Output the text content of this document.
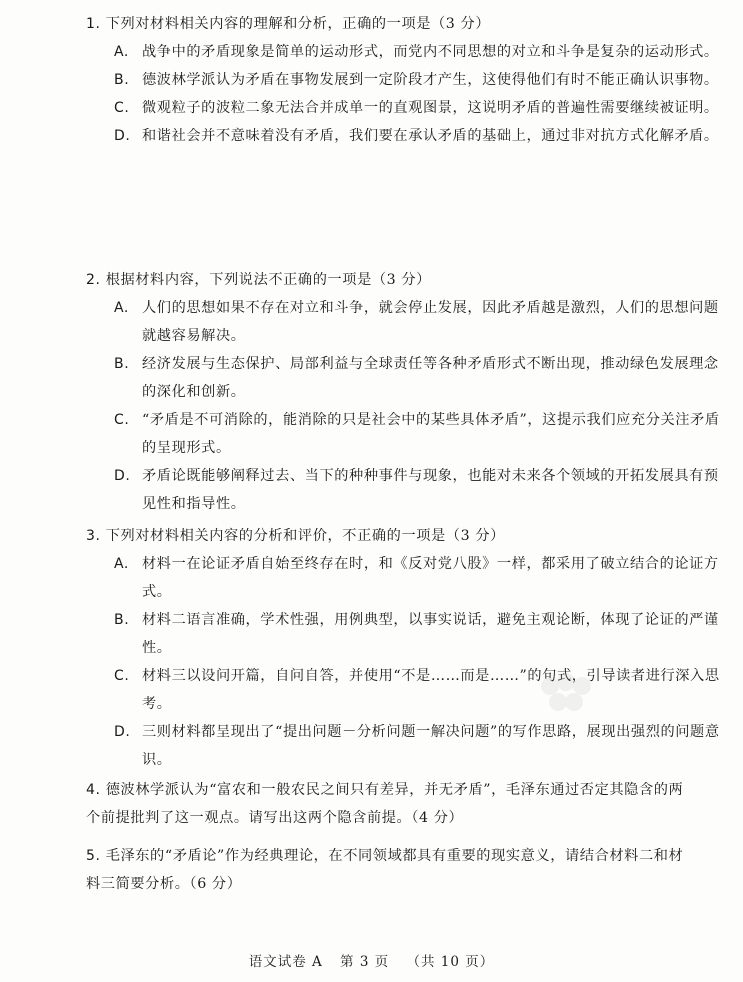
1. 下列对材料相关内容的理解和分析，正确的一项是（3 分）
A. 战争中的矛盾现象是简单的运动形式，而党内不同思想的对立和斗争是复杂的运动形式。
B. 德波林学派认为矛盾在事物发展到一定阶段才产生，这使得他们有时不能正确认识事物。
C. 微观粒子的波粒二象无法合并成单一的直观图景，这说明矛盾的普遍性需要继续被证明。
D. 和谐社会并不意味着没有矛盾，我们要在承认矛盾的基础上，通过非对抗方式化解矛盾。
2. 根据材料内容，下列说法不正确的一项是（3 分）
A. 人们的思想如果不存在对立和斗争，就会停止发展，因此矛盾越是激烈，人们的思想问题就越容易解决。
B. 经济发展与生态保护、局部利益与全球责任等各种矛盾形式不断出现，推动绿色发展理念的深化和创新。
C. “矛盾是不可消除的，能消除的只是社会中的某些具体矛盾”，这提示我们应充分关注矛盾的呈现形式。
D. 矛盾论既能够阐释过去、当下的种种事件与现象，也能对未来各个领域的开拓发展具有预见性和指导性。
3. 下列对材料相关内容的分析和评价，不正确的一项是（3 分）
A. 材料一在论证矛盾自始至终存在时，和《反对党八股》一样，都采用了破立结合的论证方式。
B. 材料二语言准确，学术性强，用例典型，以事实说话，避免主观论断，体现了论证的严谨性。
C. 材料三以设问开篇，自问自答，并使用“不是……而是……”的句式，引导读者进行深入思考。
D. 三则材料都呈现出了“提出问题－分析问题一解决问题”的写作思路，展现出强烈的问题意识。
4. 德波林学派认为“富农和一般农民之间只有差异，并无矛盾”，毛泽东通过否定其隐含的两个前提批判了这一观点。请写出这两个隐含前提。（4 分）
5. 毛泽东的“矛盾论”作为经典理论，在不同领域都具有重要的现实意义，请结合材料二和材料三简要分析。（6 分）
语文试卷 A 第 3 页 （共 10 页）
